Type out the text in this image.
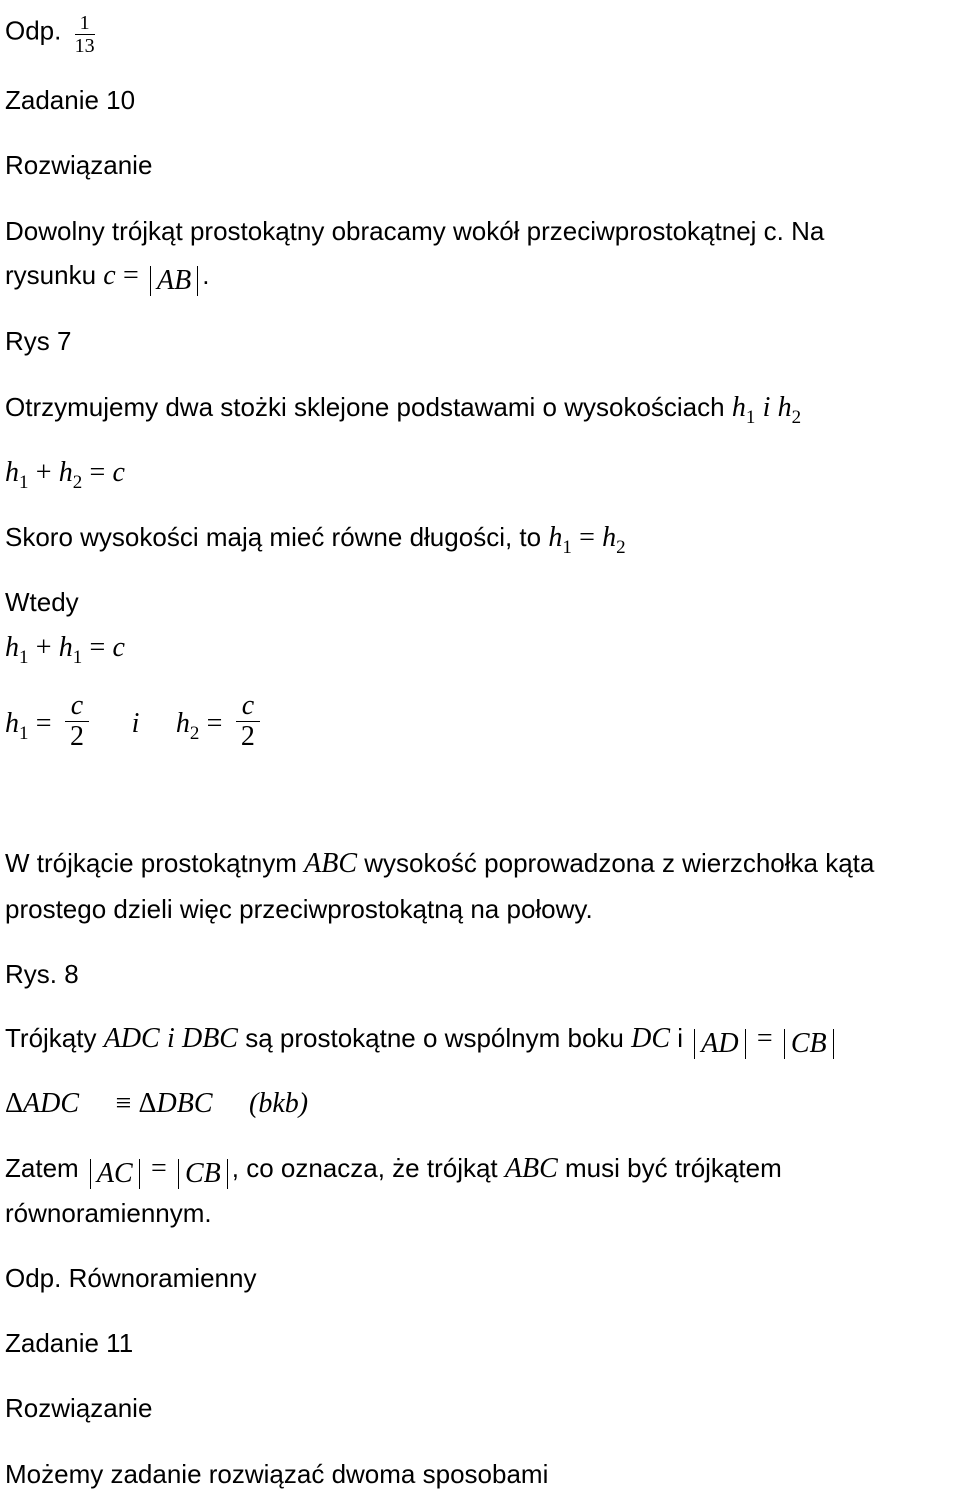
Odp. $\frac{1}{13}$
Zadanie 10
Rozwiązanie
Dowolny trójkąt prostokątny obracamy wokół przeciwprostokątnej c. Na
rysunku c = AB .
Rys 7
Otrzymujemy dwa stożki sklejone podstawami o wysokościach $h_1$ i $h_2$
$h_1 + h_2 = c$
Skoro wysokości mają mieć równe długości, to $h_1 = h_2$
Wtedy
$h_1 + h_1 = c$
$h_1 = \frac{c}{2}$ i $h_2 = \frac{c}{2}$
W trójkącie prostokątnym ABC wysokość poprowadzona z wierzchołka kąta
prostego dzieli więc przeciwprostokątną na połowy.
Rys. 8
Trójkąty ADC i DBC są prostokątne o wspólnym boku DC i AD = CB
ΔADC ≡ ΔDBC (bkb)
Zatem AC = CB , co oznacza, że trójkąt ABC musi być trójkątem
równoramiennym.
Odp. Równoramienny
Zadanie 11
Rozwiązanie
Możemy zadanie rozwiązać dwoma sposobami
